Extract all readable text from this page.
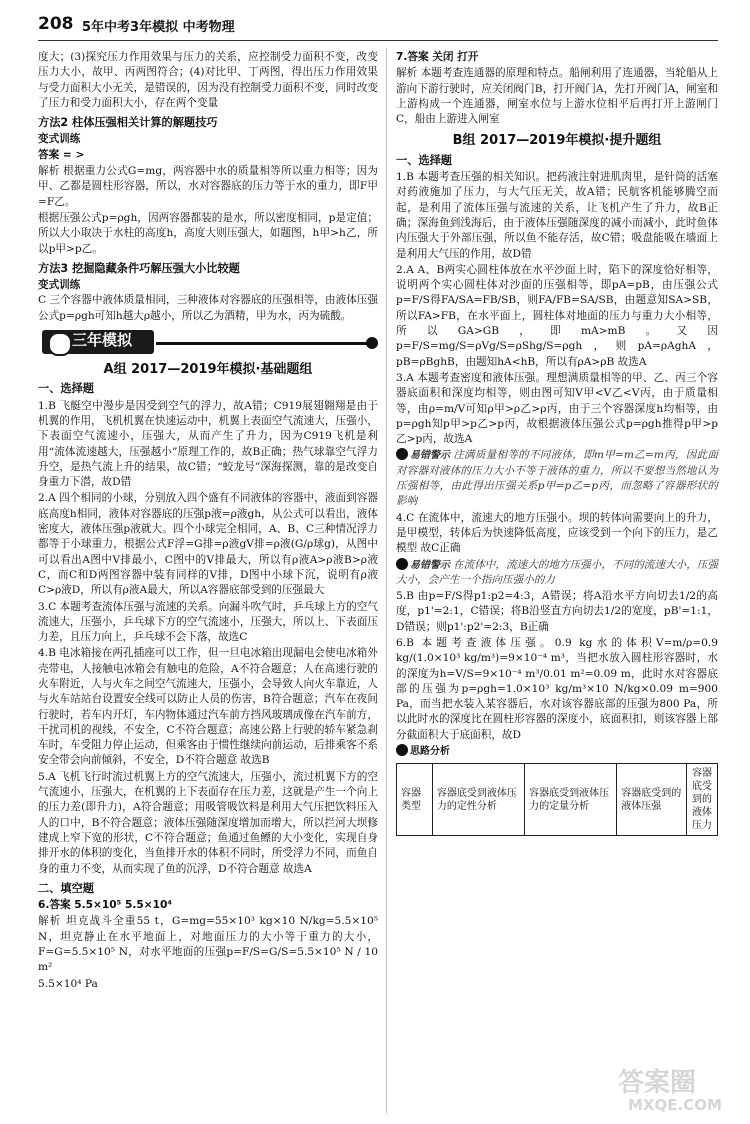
208 5年中考3年模拟 中考物理

度大；(3)探究压力作用效果与压力的关系，应控制受力面积不变，改变压力大小，故甲、丙两图符合；(4)对比甲、丁两图，得出压力作用效果与受力面积大小无关，是错误的，因为没有控制受力面积不变，同时改变了压力和受力面积大小，存在两个变量

方法2 柱体压强相关计算的解题技巧
变式训练

答案 = >

解析 根据重力公式G=mg，两容器中水的质量相等所以重力相等；因为甲、乙都是圆柱形容器，所以，水对容器底的压力等于水的重力，即F甲=F乙。

根据压强公式p=ρgh，因两容器都装的是水，所以密度相同，p是定值；所以大小取决于水柱的高度h，高度大则压强大，如题图，h甲>h乙，所以p甲>p乙。

方法3 挖掘隐藏条件巧解压强大小比较题
变式训练

C 三个容器中液体质量相同，三种液体对容器底的压强相等，由液体压强公式p=ρgh可知h越大ρ越小，所以乙为酒精，甲为水，丙为硫酸。

三年模拟
A组 2017—2019年模拟·基础题组
一、选择题

1.B 飞艇空中漫步是因受到空气的浮力，故A错；C919展翅翱翔是由于机翼的作用，飞机机翼在快速运动中，机翼上表面空气流速大，压强小，下表面空气流速小，压强大，从而产生了升力，因为C919飞机是利用“流体流速越大，压强越小”原理工作的，故B正确；热气球靠空气浮力升空，是热气流上升的结果，故C错；“蛟龙号”深海探测，靠的是改变自身重力下潜，故D错

2.A 四个相同的小球，分别放入四个盛有不同液体的容器中，液面到容器底高度h相同，液体对容器底的压强p液=ρ液gh，从公式可以看出，液体密度大，液体压强p液就大。四个小球完全相同，A、B、C三种情况浮力都等于小球重力，根据公式F浮=G排=ρ液gV排=ρ液(G/ρ球g)，从图中可以看出A图中V排最小，C图中的V排最大，所以有ρ液A>ρ液B>ρ液C，而C和D两图容器中装有同样的V排，D图中小球下沉，说明有ρ液C>ρ液D，所以有ρ液A最大，所以A容器底部受到的压强最大

3.C 本题考查流体压强与流速的关系。向漏斗吹气时，乒乓球上方的空气流速大，压强小，乒乓球下方的空气流速小，压强大，所以上、下表面压力差，且压力向上，乒乓球不会下落，故选C

4.B 电冰箱接在两孔插座可以工作，但一旦电冰箱出现漏电会使电冰箱外壳带电，人接触电冰箱会有触电的危险，A不符合题意；人在高速行驶的火车附近，人与火车之间空气流速大，压强小，会导致人向火车靠近，人与火车站站台设置安全线可以防止人员的伤害，B符合题意；汽车在夜间行驶时，若车内开灯，车内物体通过汽车前方挡风玻璃成像在汽车前方，干扰司机的视线，不安全，C不符合题意；高速公路上行驶的轿车紧急刹车时，车受阻力停止运动，但乘客由于惯性继续向前运动，后排乘客不系安全带会向前倾斜，不安全，D不符合题意 故选B

5.A 飞机飞行时流过机翼上方的空气流速大，压强小，流过机翼下方的空气流速小，压强大，在机翼的上下表面存在压力差，这就是产生一个向上的压力差(即升力)，A符合题意；用吸管吸饮料是利用大气压把饮料压入人的口中，B不符合题意；液体压强随深度增加而增大，所以拦河大坝修建成上窄下宽的形状，C不符合题意；鱼通过鱼鳔的大小变化，实现自身排开水的体积的变化，当鱼排开水的体积不同时，所受浮力不同，而鱼自身的重力不变，从而实现了鱼的沉浮，D不符合题意 故选A

二、填空题

6.答案 5.5×10⁵ 5.5×10⁴

解析 坦克战斗全重55 t，G=mg=55×10³ kg×10 N/kg=5.5×10⁵ N，坦克静止在水平地面上，对地面压力的大小等于重力的大小，F=G=5.5×10⁵ N，对水平地面的压强p=F/S=G/S=5.5×10⁵ N / 10 m²

5.5×10⁴ Pa

7.答案 关闭 打开

解析 本题考查连通器的原理和特点。船闸利用了连通器，当轮船从上游向下游行驶时，应关闭阀门B，打开阀门A，先打开阀门A，闸室和上游构成一个连通器，闸室水位与上游水位相平后再打开上游闸门C，船由上游进入闸室

B组 2017—2019年模拟·提升题组
一、选择题

1.B 本题考查压强的相关知识。把药液注射进肌肉里，是针筒的活塞对药液施加了压力，与大气压无关，故A错；民航客机能够腾空而起，是利用了流体压强与流速的关系，让飞机产生了升力，故B正确；深海鱼到浅海后，由于液体压强随深度的减小而减小，此时鱼体内压强大于外部压强，所以鱼不能存活，故C错；吸盘能吸在墙面上是利用大气压的作用，故D错

2.A A、B两实心圆柱体放在水平沙面上时，陷下的深度恰好相等，说明两个实心圆柱体对沙面的压强相等，即pA=pB，由压强公式p=F/S得FA/SA=FB/SB，则FA/FB=SA/SB，由题意知SA>SB，所以FA>FB，在水平面上，圆柱体对地面的压力与重力大小相等，所以GA>GB，即mA>mB。又因p=F/S=mg/S=ρVg/S=ρShg/S=ρgh，则pA=ρAghA，pB=ρBghB，由题知hA<hB，所以有ρA>ρB 故选A

3.A 本题考查密度和液体压强。理想满质量相等的甲、乙、丙三个容器底面积和深度均相等，则由图可知V甲<V乙<V丙，由于质量相等，由ρ=m/V可知ρ甲>ρ乙>ρ丙，由于三个容器深度h均相等，由p=ρgh知p甲>p乙>p丙，故根据液体压强公式p=ρgh推得p甲>p乙>p丙，故选A

易错警示 注满质量相等的不同液体，即m甲=m乙=m丙，因此面对容器对液体的压力大小不等于液体的重力，所以不要想当然地认为压强相等，由此得出压强关系p甲=p乙=p丙，而忽略了容器形状的影响

4.C 在流体中，流速大的地方压强小。坝的转体向需要向上的升力，是甲模型，转体后为快速降低高度，应该受到一个向下的压力，是乙模型 故C正确

易错警示 在流体中，流速大的地方压强小，不同的流速大小，压强大小，会产生一个指向压强小的力

5.B 由p=F/S得p1:p2=4:3，A错误；将A沿水平方向切去1/2的高度，p1'=2:1，C错误；将B沿竖直方向切去1/2的宽度，pB'=1:1，D错误；则p1':p2'=2:3，B正确

6.B 本题考查液体压强。0.9 kg水的体积V=m/ρ=0.9 kg/(1.0×10³ kg/m³)=9×10⁻⁴ m³，当把水放入圆柱形容器时，水的深度为h=V/S=9×10⁻⁴ m³/0.01 m²=0.09 m，此时水对容器底部的压强为p=ρgh=1.0×10³ kg/m³×10 N/kg×0.09 m=900 Pa，而当把水装入某容器后，水对该容器底部的压强为800 Pa，所以此时水的深度比在圆柱形容器的深度小，底面积扣，则该容器上部分截面积大于底面积，故D

思路分析
容器类型	容器底受到液体压力的定性分析	容器底受到液体压力的定量分析	容器底受到的液体压强	容器底受到的液体压力
答案圈
MXQE.COM
